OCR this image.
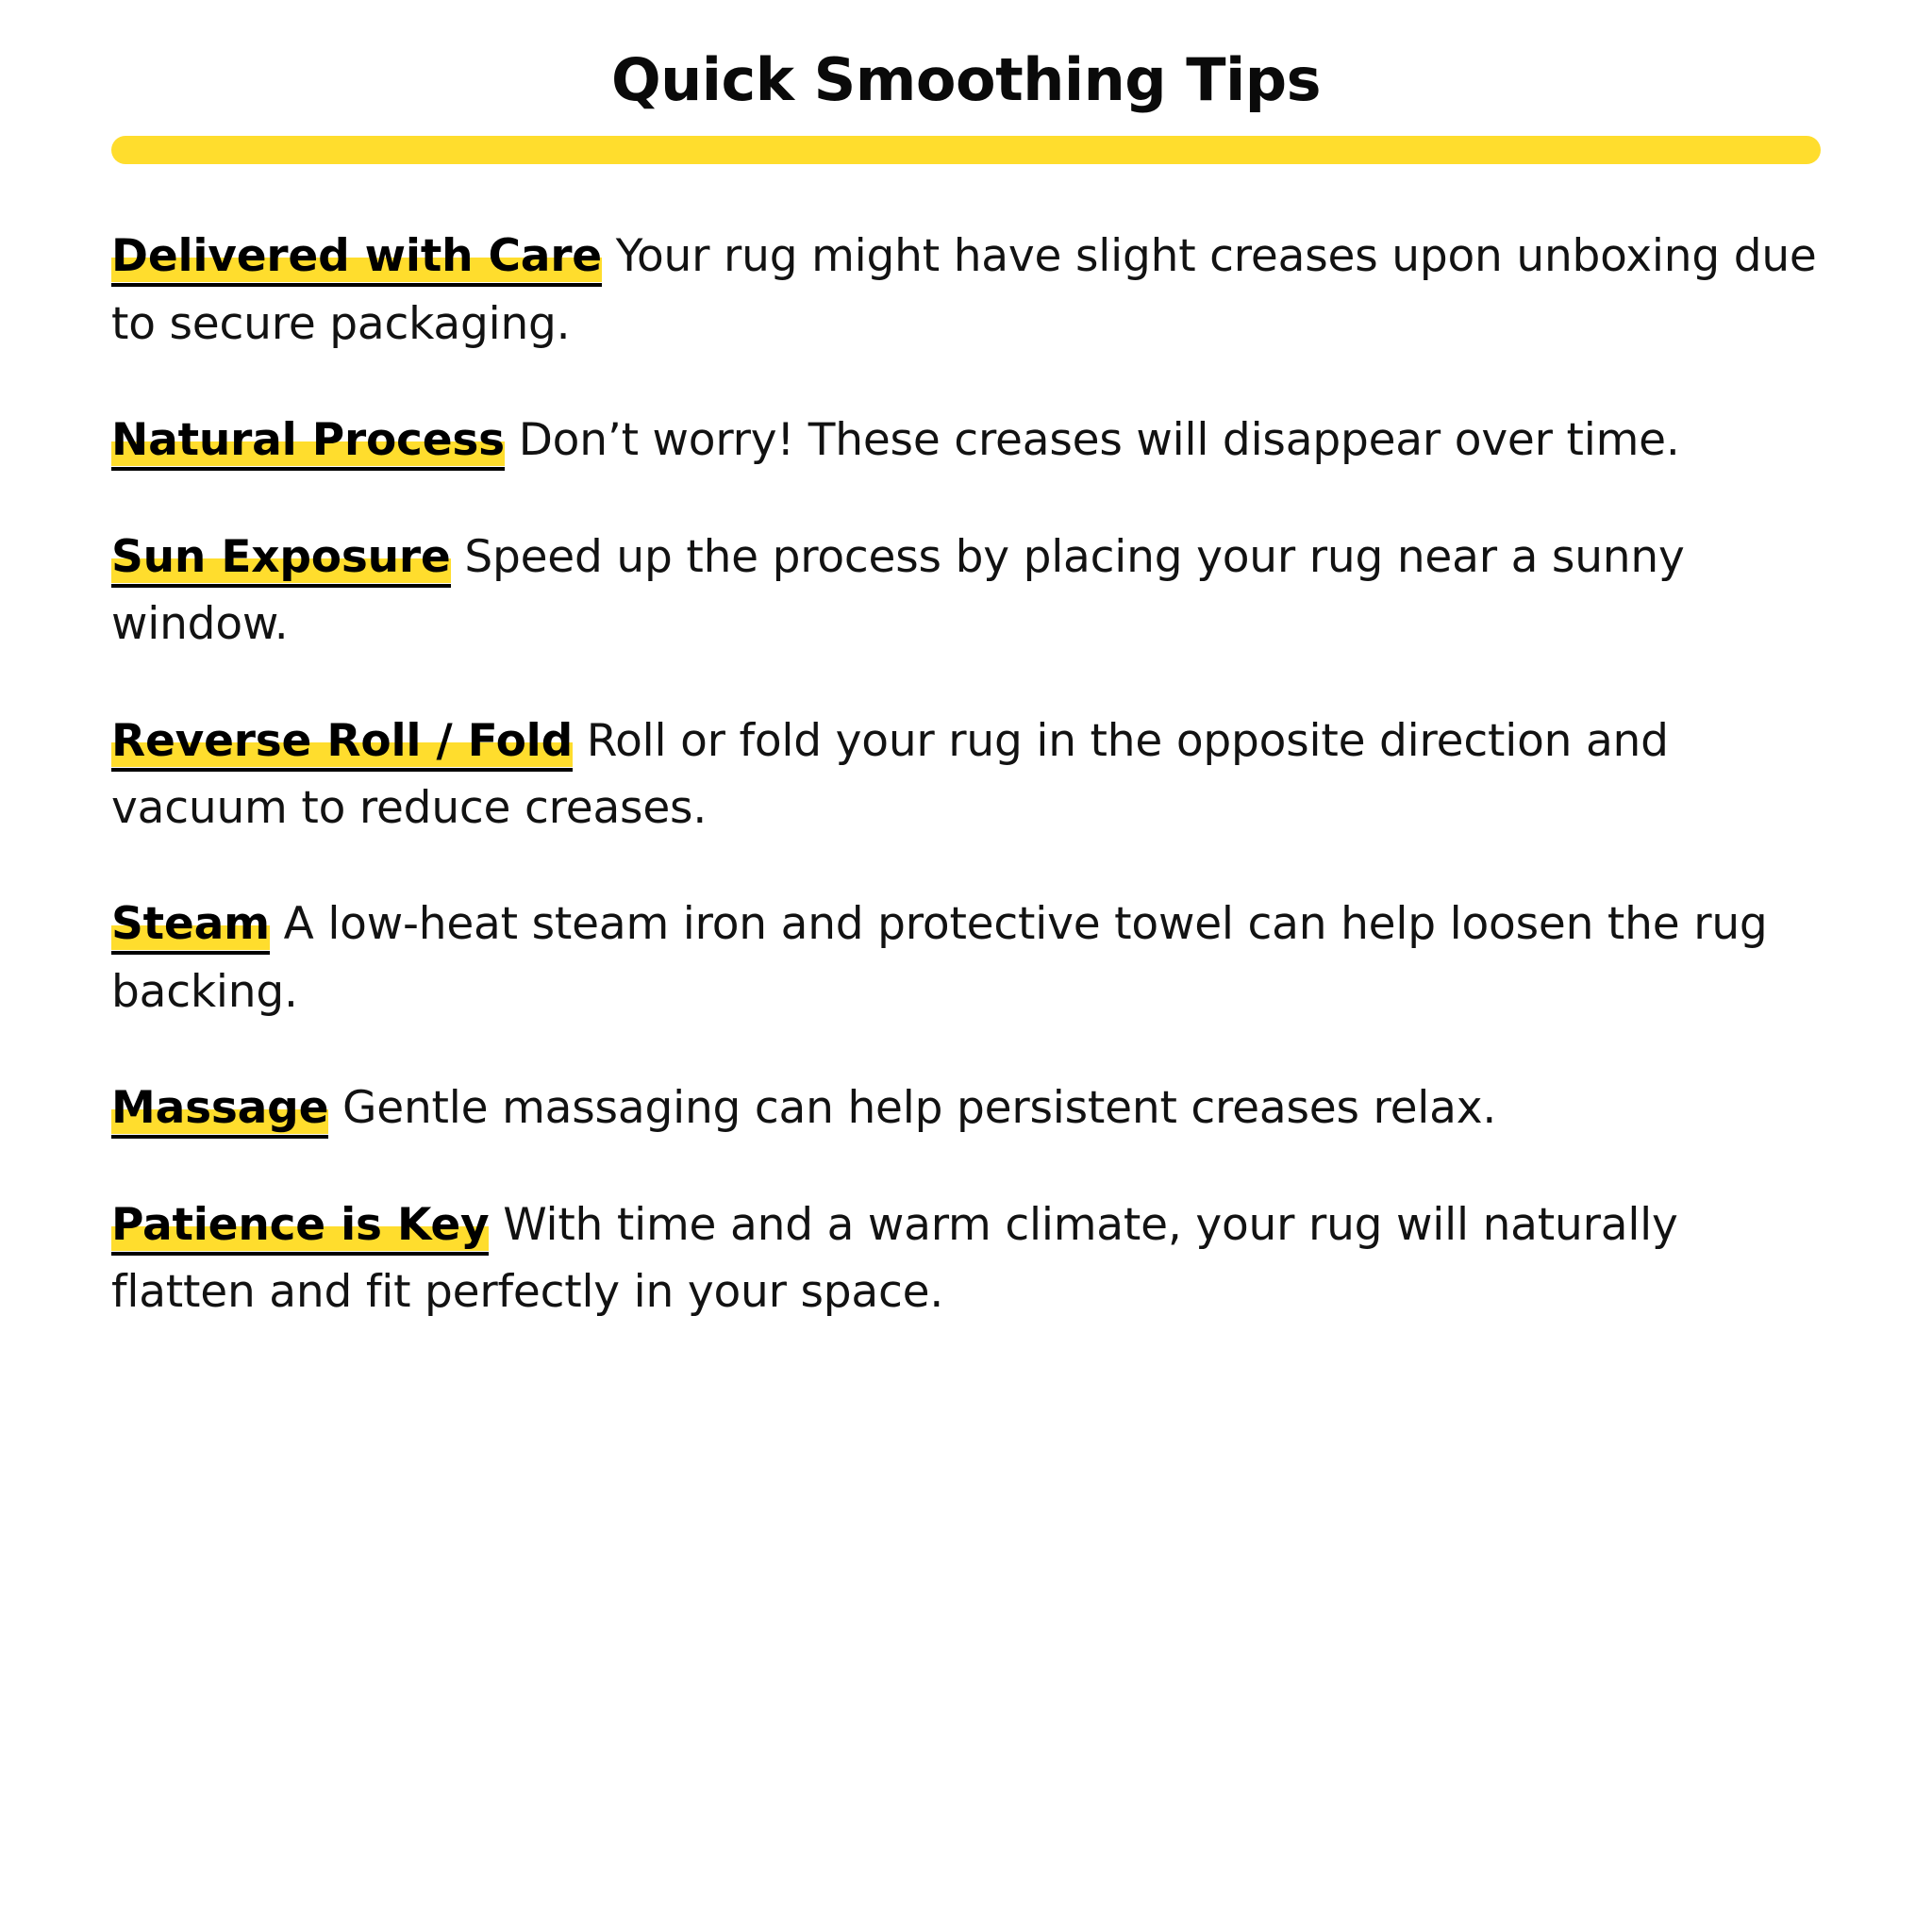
Quick Smoothing Tips

Delivered with Care Your rug might have slight creases upon unboxing due to secure packaging.

Natural Process Don’t worry! These creases will disappear over time.

Sun Exposure Speed up the process by placing your rug near a sunny window.

Reverse Roll / Fold Roll or fold your rug in the opposite direction and vacuum to reduce creases.

Steam A low-heat steam iron and protective towel can help loosen the rug backing.

Massage Gentle massaging can help persistent creases relax.

Patience is Key With time and a warm climate, your rug will naturally flatten and fit perfectly in your space.
